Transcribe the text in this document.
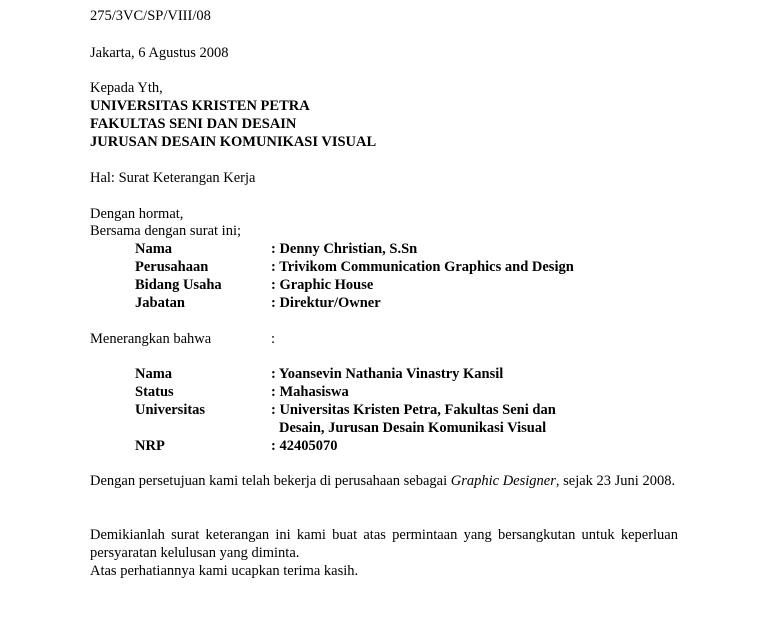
275/3VC/SP/VIII/08
Jakarta, 6 Agustus 2008
Kepada Yth,
UNIVERSITAS KRISTEN PETRA
FAKULTAS SENI DAN DESAIN
JURUSAN DESAIN KOMUNIKASI VISUAL
Hal: Surat Keterangan Kerja
Dengan hormat,
Bersama dengan surat ini;
Nama	: Denny Christian, S.Sn
Perusahaan	: Trivikom Communication Graphics and Design
Bidang Usaha	: Graphic House
Jabatan	: Direktur/Owner
Menerangkan bahwa	:
Nama	: Yoansevin Nathania Vinastry Kansil
Status	: Mahasiswa
Universitas	: Universitas Kristen Petra, Fakultas Seni dan
Desain, Jurusan Desain Komunikasi Visual
NRP	: 42405070
Dengan persetujuan kami telah bekerja di perusahaan sebagai Graphic Designer, sejak 23 Juni 2008.
Demikianlah surat keterangan ini kami buat atas permintaan yang bersangkutan untuk keperluan persyaratan kelulusan yang diminta.
Atas perhatiannya kami ucapkan terima kasih.
